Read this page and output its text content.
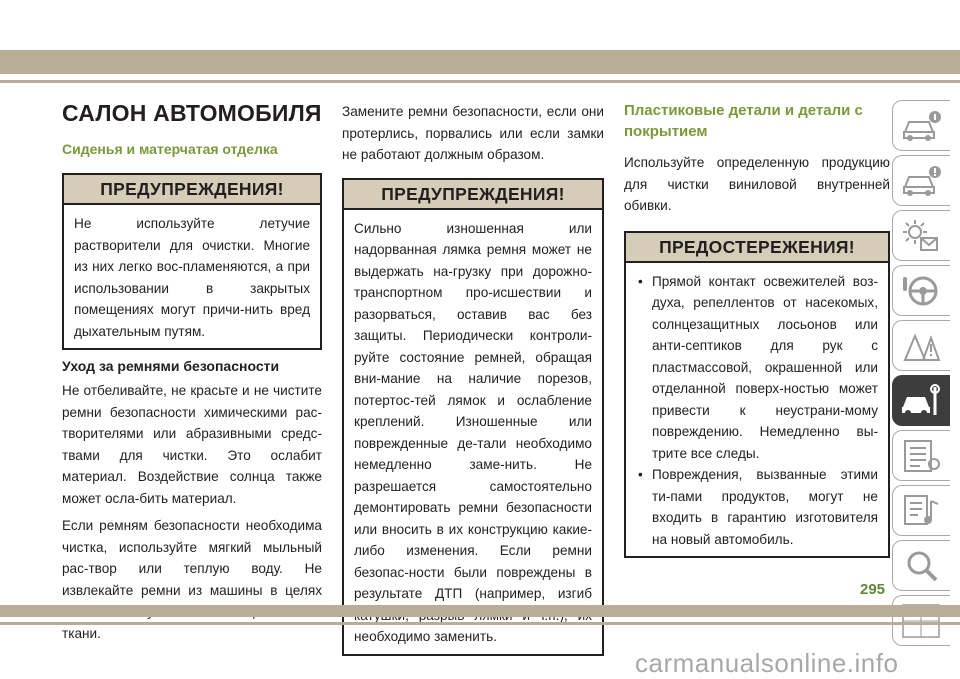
САЛОН АВТОМОБИЛЯ
Сиденья и матерчатая отделка
ПРЕДУПРЕЖДЕНИЯ!

Не используйте летучие растворители для очистки. Многие из них легко вос-пламеняются, а при использовании в закрытых помещениях могут причи-нить вред дыхательным путям.

Уход за ремнями безопасности

Не отбеливайте, не красьте и не чистите ремни безопасности химическими рас-творителями или абразивными средс-твами для чистки. Это ослабит материал. Воздействие солнца также может осла-бить материал.

Если ремням безопасности необходима чистка, используйте мягкий мыльный рас-твор или теплую воду. Не извлекайте ремни из машины в целях ткани.

Замените ремни безопасности, если они протерлись, порвались или если замки не работают должным образом.

ПРЕДУПРЕЖДЕНИЯ!

Сильно изношенная или надорванная лямка ремня может не выдержать на-грузку при дорожно-транспортном про-исшествии и разорваться, оставив вас без защиты. Периодически контроли-руйте состояние ремней, обращая вни-мание на наличие порезов, потертос-тей лямок и ослабление креплений. Изношенные или поврежденные де-тали необходимо немедленно заме-нить. Не разрешается самостоятельно демонтировать ремни безопасности или вносить в их конструкцию какие-либо изменения. Если ремни безопас-ности были повреждены в результате ДТП (например, изгиб необходимо заменить.

Пластиковые детали и детали с покрытием

Используйте определенную продукцию для чистки виниловой внутренней обивки.

ПРЕДОСТЕРЕЖЕНИЯ!
• Прямой контакт освежителей воз-духа, репеллентов от насекомых, солнцезащитных лосьонов или анти-септиков для рук с пластмассовой, окрашенной или отделанной поверх-ностью может привести к неустрани-мому повреждению. Немедленно вы-трите все следы.
• Повреждения, вызванные этими ти-пами продуктов, могут не входить в гарантию изготовителя на новый автомобиль.
295
carmanualsonline.info
